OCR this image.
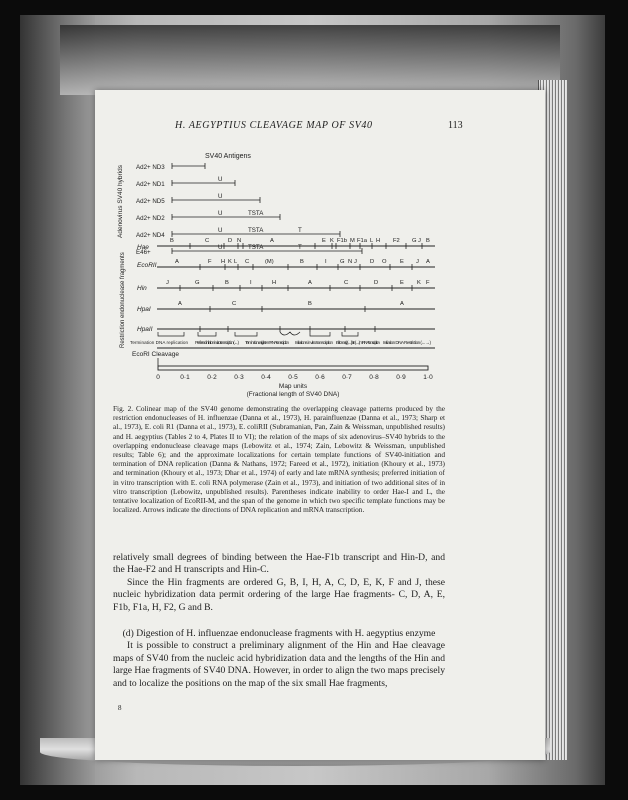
H. AEGYPTIUS CLEAVAGE MAP OF SV40	113
SV40 Antigens
Adenovirus SV40 hybrids Ad2+ ND3
Ad2+ ND1
Ad2+ ND5
Ad2+ ND2
Ad2+ ND4
E46+
U
U
U	TSTA
U	TSTA	T
U	TSTA	T
Restriction endonuclease fragments
Hae
EcoRII
Hin
HpaI
HpaII
B	C	D N	A	E K F1b M F1a L H F2 G J B
A	F H K L C	(M)	B	I G N J D O E J A
J	G	B	I	H	A	C	D	E K F
A	C	B	A
Termination DNA replication Preferred initiation in vitro transcription (←) Termination early, late mRNA transcription Initiations in vitro transcription Initiation early (←), late (→) mRNA transcription Initiation DNA Restriction (←→)
EcoRI Cleavage
0	0·1	0·2	0·3	0·4	0·5	0·6	0·7	0·8	0·9	1·0
Map units
(Fractional length of SV40 DNA)
Fig. 2. Colinear map of the SV40 genome demonstrating the overlapping cleavage patterns produced by the restriction endonucleases of H. influenzae (Danna et al., 1973), H. parainfluenzae (Danna et al., 1973; Sharp et al., 1973), E. coli R1 (Danna et al., 1973), E. coliRII (Subramanian, Pan, Zain & Weissman, unpublished results) and H. aegyptius (Tables 2 to 4, Plates II to VI); the relation of the maps of six adenovirus–SV40 hybrids to the overlapping endonuclease cleavage maps (Lebowitz et al., 1974; Zain, Lebowitz & Weissman, unpublished results; Table 6); and the approximate localizations for certain template functions of SV40-initiation and termination of DNA replication (Danna & Nathans, 1972; Fareed et al., 1972), initiation (Khoury et al., 1973) and termination (Khoury et al., 1973; Dhar et al., 1974) of early and late mRNA synthesis; preferred initiation of in vitro transcription with E. coli RNA polymerase (Zain et al., 1973), and initiation of two additional sites of in vitro transcription (Lebowitz, unpublished results). Parentheses indicate inability to order Hae-I and L, the tentative localization of EcoRII-M, and the span of the genome in which two specific template functions may be localized. Arrows indicate the directions of DNA replication and mRNA transcription.

relatively small degrees of binding between the Hae-F1b transcript and Hin-D, and the Hae-F2 and H transcripts and Hin-C.

Since the Hin fragments are ordered G, B, I, H, A, C, D, E, K, F and J, these nucleic hybridization data permit ordering of the large Hae fragments- C, D, A, E, F1b, F1a, H, F2, G and B.

(d) Digestion of H. influenzae endonuclease fragments with H. aegyptius enzyme

It is possible to construct a preliminary alignment of the Hin and Hae cleavage maps of SV40 from the nucleic acid hybridization data and the lengths of the Hin and large Hae fragments of SV40 DNA. However, in order to align the two maps precisely and to localize the positions on the map of the six small Hae fragments,

8
